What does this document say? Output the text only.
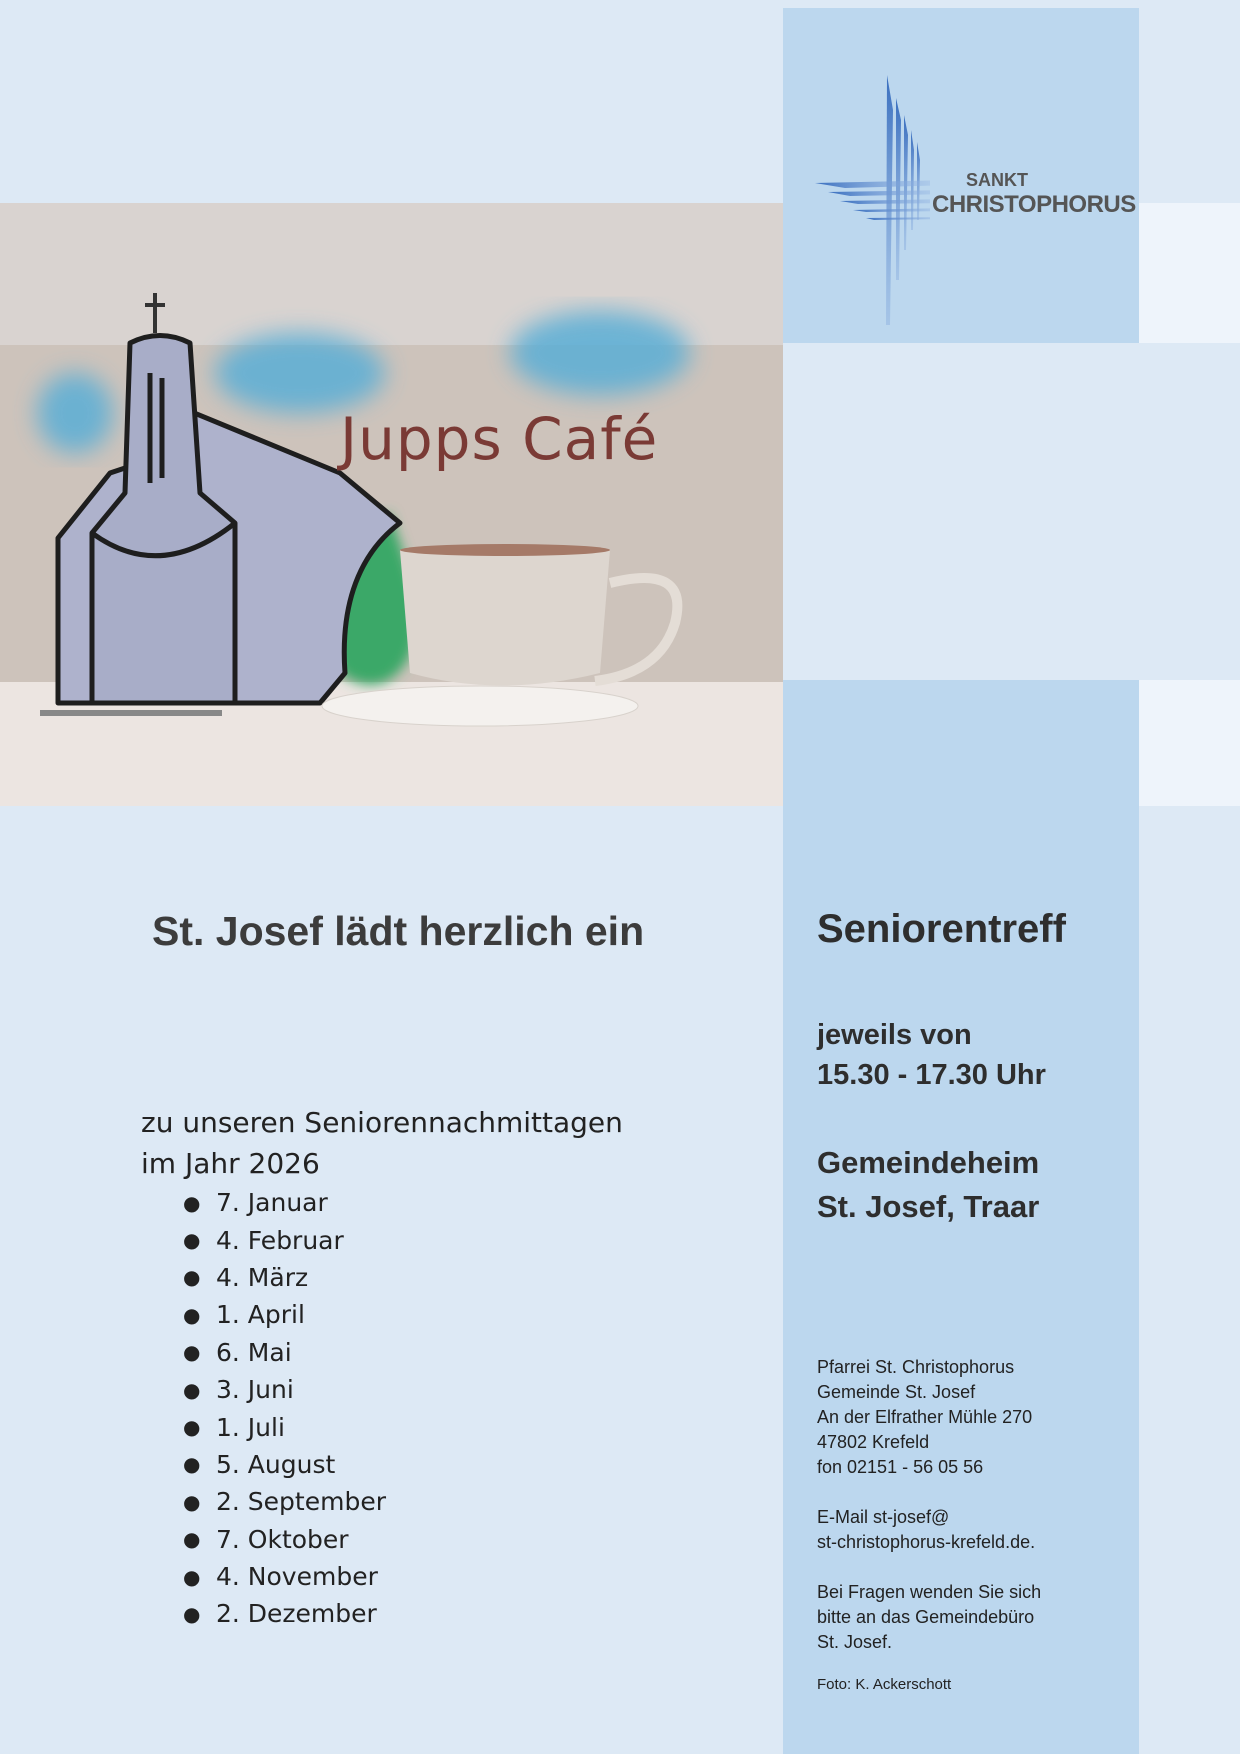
SANKT
CHRISTOPHORUS
Jupps Café
St. Josef lädt herzlich ein
zu unseren Seniorennachmittagen
im Jahr 2026
● 7. Januar
● 4. Februar
● 4. März
● 1. April
● 6. Mai
● 3. Juni
● 1. Juli
● 5. August
● 2. September
● 7. Oktober
● 4. November
● 2. Dezember
Seniorentreff
jeweils von
15.30 - 17.30 Uhr
Gemeindeheim
St. Josef, Traar

Pfarrei St. Christophorus
Gemeinde St. Josef
An der Elfrather Mühle 270
47802 Krefeld
fon 02151 - 56 05 56

E-Mail st-josef@
st-christophorus-krefeld.de.

Bei Fragen wenden Sie sich
bitte an das Gemeindebüro
St. Josef.

Foto: K. Ackerschott
